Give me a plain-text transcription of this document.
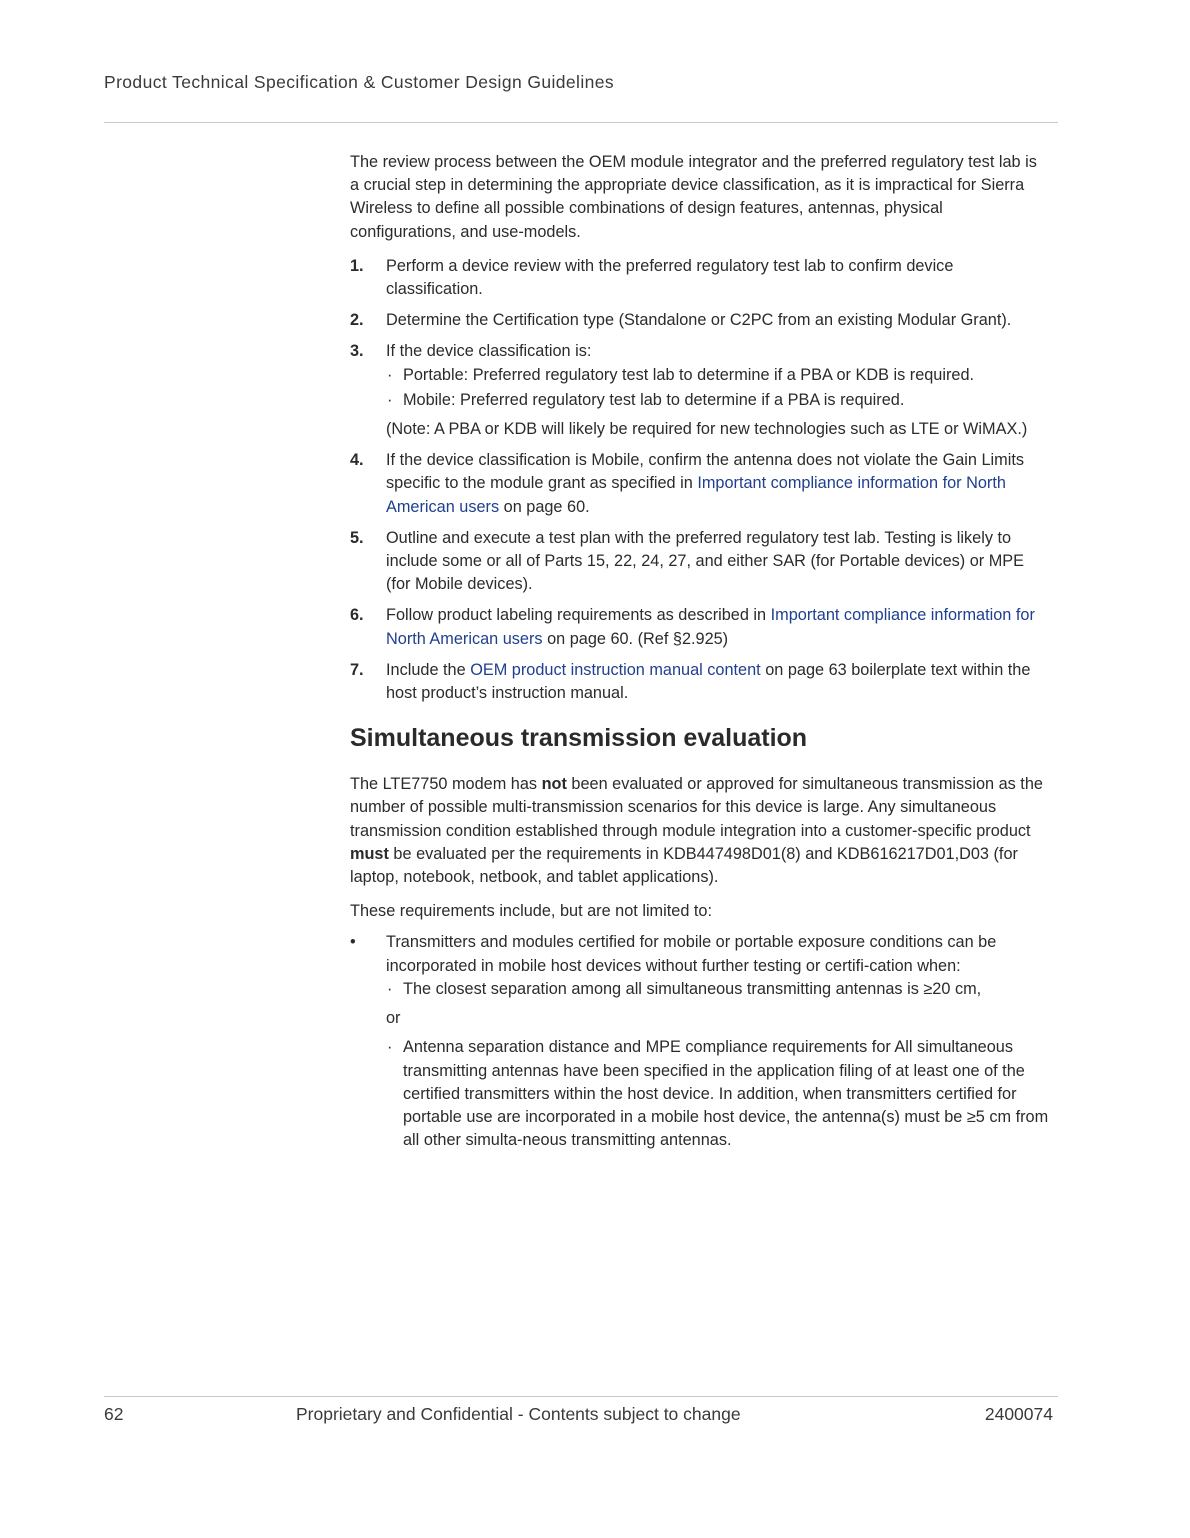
Product Technical Specification & Customer Design Guidelines

The review process between the OEM module integrator and the preferred regulatory test lab is a crucial step in determining the appropriate device classification, as it is impractical for Sierra Wireless to define all possible combinations of design features, antennas, physical configurations, and use-models.

1. Perform a device review with the preferred regulatory test lab to confirm device classification.
2. Determine the Certification type (Standalone or C2PC from an existing Modular Grant).
3. If the device classification is:
· Portable: Preferred regulatory test lab to determine if a PBA or KDB is required.
· Mobile: Preferred regulatory test lab to determine if a PBA is required.
(Note: A PBA or KDB will likely be required for new technologies such as LTE or WiMAX.)
4. If the device classification is Mobile, confirm the antenna does not violate the Gain Limits specific to the module grant as specified in Important compliance information for North American users on page 60.
5. Outline and execute a test plan with the preferred regulatory test lab. Testing is likely to include some or all of Parts 15, 22, 24, 27, and either SAR (for Portable devices) or MPE (for Mobile devices).
6. Follow product labeling requirements as described in Important compliance information for North American users on page 60. (Ref §2.925)
7. Include the OEM product instruction manual content on page 63 boilerplate text within the host product’s instruction manual.
Simultaneous transmission evaluation

The LTE7750 modem has not been evaluated or approved for simultaneous transmission as the number of possible multi-transmission scenarios for this device is large. Any simultaneous transmission condition established through module integration into a customer-specific product must be evaluated per the requirements in KDB447498D01(8) and KDB616217D01,D03 (for laptop, notebook, netbook, and tablet applications).

These requirements include, but are not limited to:

• Transmitters and modules certified for mobile or portable exposure conditions can be incorporated in mobile host devices without further testing or certifi-cation when:
· The closest separation among all simultaneous transmitting antennas is ≥20 cm,
or
· Antenna separation distance and MPE compliance requirements for All simultaneous transmitting antennas have been specified in the application filing of at least one of the certified transmitters within the host device. In addition, when transmitters certified for portable use are incorporated in a mobile host device, the antenna(s) must be ≥5 cm from all other simulta-neous transmitting antennas.
62	Proprietary and Confidential - Contents subject to change	2400074
